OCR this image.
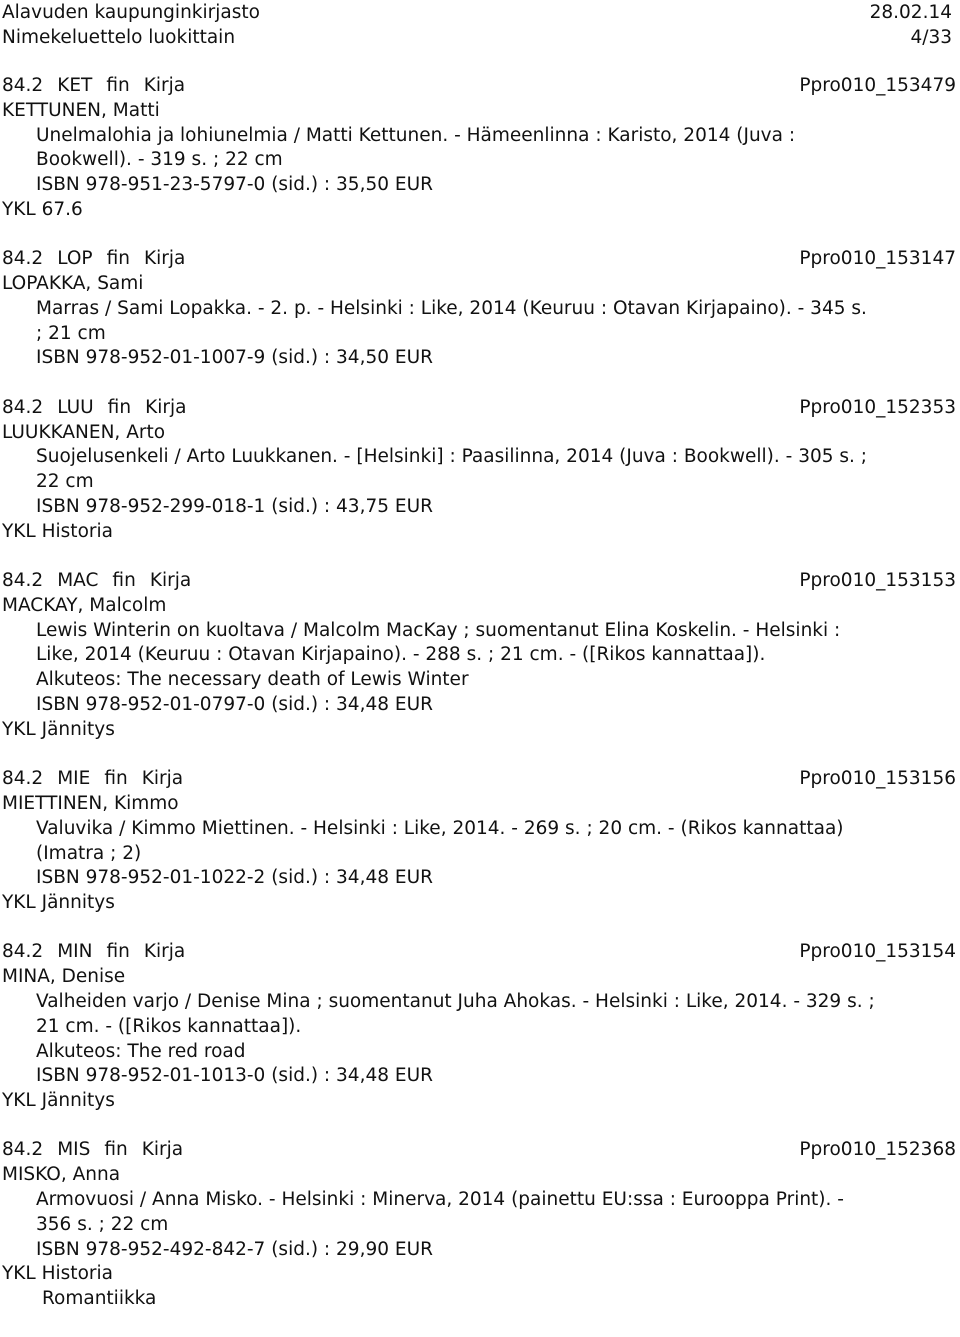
Alavuden kaupunginkirjasto	28.02.14
Nimekeluettelo luokittain	4/33
84.2 KET fin Kirja	Ppro010_153479
KETTUNEN, Matti
Unelmalohia ja lohiunelmia / Matti Kettunen. - Hämeenlinna : Karisto, 2014 (Juva :
Bookwell). - 319 s. ; 22 cm
ISBN 978-951-23-5797-0 (sid.) : 35,50 EUR
YKL 67.6
84.2 LOP fin Kirja	Ppro010_153147
LOPAKKA, Sami
Marras / Sami Lopakka. - 2. p. - Helsinki : Like, 2014 (Keuruu : Otavan Kirjapaino). - 345 s.
; 21 cm
ISBN 978-952-01-1007-9 (sid.) : 34,50 EUR
84.2 LUU fin Kirja	Ppro010_152353
LUUKKANEN, Arto
Suojelusenkeli / Arto Luukkanen. - [Helsinki] : Paasilinna, 2014 (Juva : Bookwell). - 305 s. ;
22 cm
ISBN 978-952-299-018-1 (sid.) : 43,75 EUR
YKL Historia
84.2 MAC fin Kirja	Ppro010_153153
MACKAY, Malcolm
Lewis Winterin on kuoltava / Malcolm MacKay ; suomentanut Elina Koskelin. - Helsinki :
Like, 2014 (Keuruu : Otavan Kirjapaino). - 288 s. ; 21 cm. - ([Rikos kannattaa]).
Alkuteos: The necessary death of Lewis Winter
ISBN 978-952-01-0797-0 (sid.) : 34,48 EUR
YKL Jännitys
84.2 MIE fin Kirja	Ppro010_153156
MIETTINEN, Kimmo
Valuvika / Kimmo Miettinen. - Helsinki : Like, 2014. - 269 s. ; 20 cm. - (Rikos kannattaa)
(Imatra ; 2)
ISBN 978-952-01-1022-2 (sid.) : 34,48 EUR
YKL Jännitys
84.2 MIN fin Kirja	Ppro010_153154
MINA, Denise
Valheiden varjo / Denise Mina ; suomentanut Juha Ahokas. - Helsinki : Like, 2014. - 329 s. ;
21 cm. - ([Rikos kannattaa]).
Alkuteos: The red road
ISBN 978-952-01-1013-0 (sid.) : 34,48 EUR
YKL Jännitys
84.2 MIS fin Kirja	Ppro010_152368
MISKO, Anna
Armovuosi / Anna Misko. - Helsinki : Minerva, 2014 (painettu EU:ssa : Eurooppa Print). -
356 s. ; 22 cm
ISBN 978-952-492-842-7 (sid.) : 29,90 EUR
YKL Historia
Romantiikka
